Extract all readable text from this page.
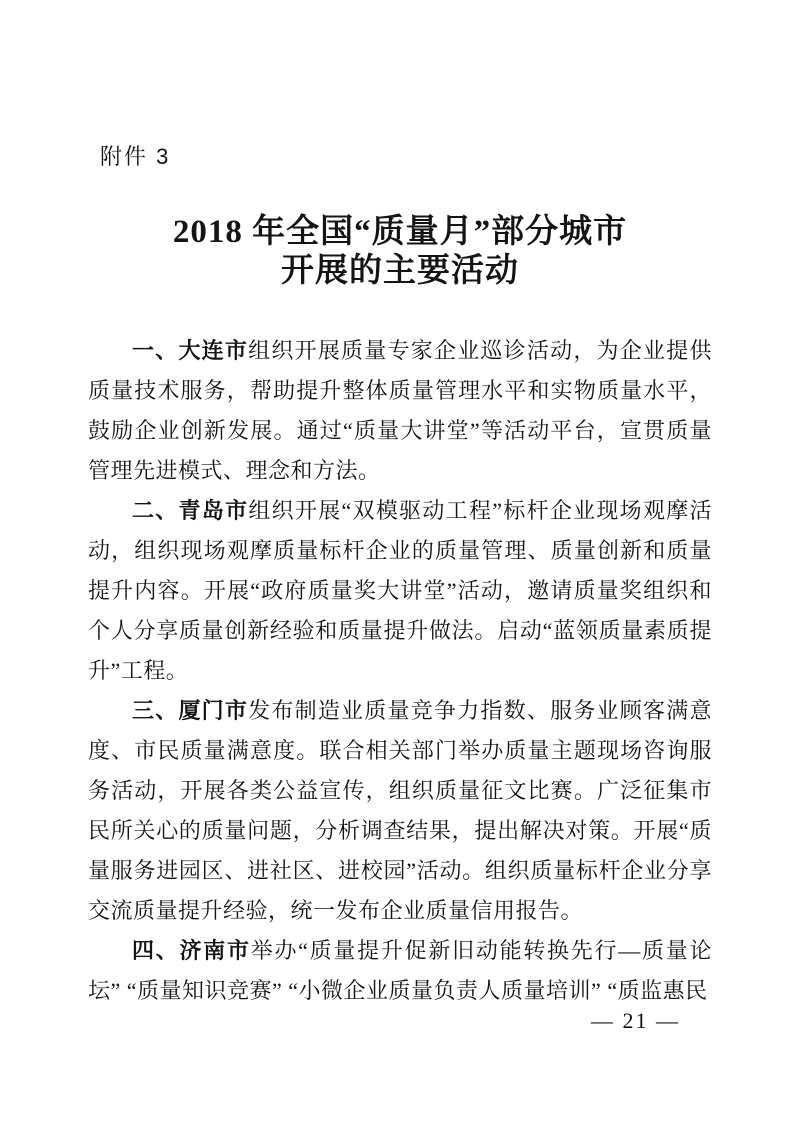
附件 3
2018 年全国“质量月”部分城市
开展的主要活动

一、大连市组织开展质量专家企业巡诊活动，为企业提供质量技术服务，帮助提升整体质量管理水平和实物质量水平，鼓励企业创新发展。通过“质量大讲堂”等活动平台，宣贯质量管理先进模式、理念和方法。

二、青岛市组织开展“双模驱动工程”标杆企业现场观摩活动，组织现场观摩质量标杆企业的质量管理、质量创新和质量提升内容。开展“政府质量奖大讲堂”活动，邀请质量奖组织和个人分享质量创新经验和质量提升做法。启动“蓝领质量素质提升”工程。

三、厦门市发布制造业质量竞争力指数、服务业顾客满意度、市民质量满意度。联合相关部门举办质量主题现场咨询服务活动，开展各类公益宣传，组织质量征文比赛。广泛征集市民所关心的质量问题，分析调查结果，提出解决对策。开展“质量服务进园区、进社区、进校园”活动。组织质量标杆企业分享交流质量提升经验，统一发布企业质量信用报告。

四、济南市举办“质量提升促新旧动能转换先行—质量论坛” “质量知识竞赛” “小微企业质量负责人质量培训” “质监惠民

— 21 —
